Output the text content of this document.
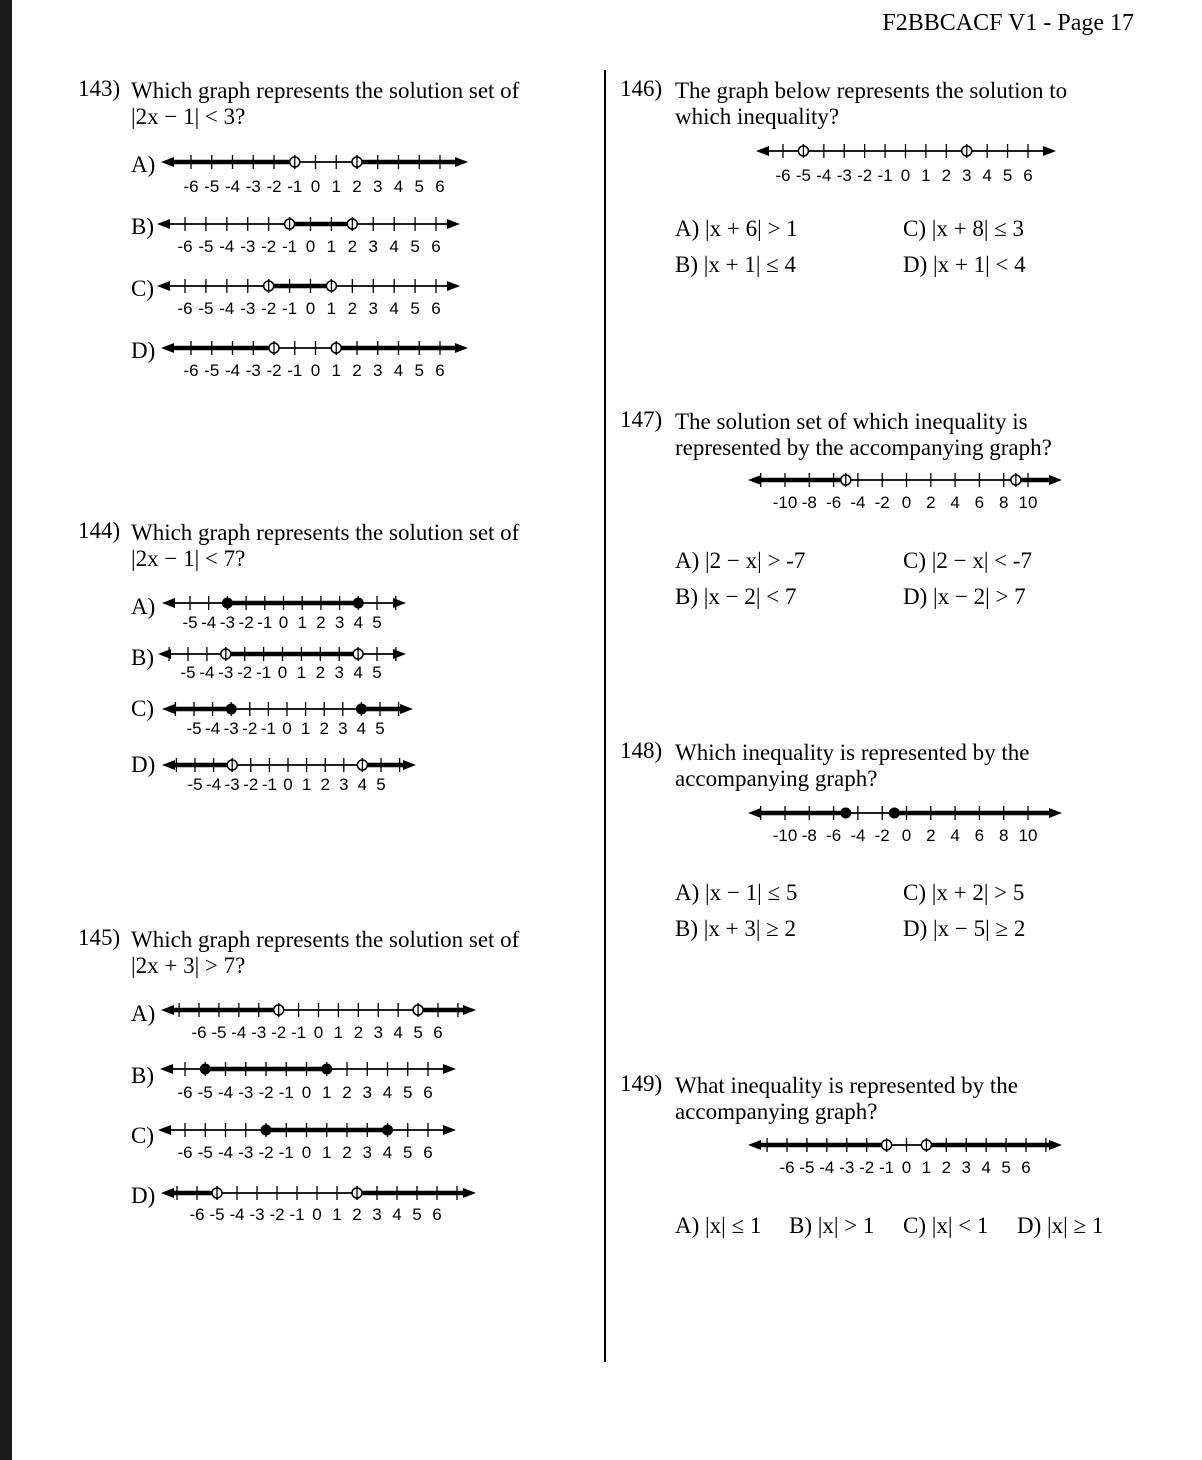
F2BBCACF V1 - Page 17
143) Which graph represents the solution set of
|2x − 1| < 3?
A)
B)
C)
D)
-6 -5 -4 -3 -2 -1 0 1 2 3 4 5 6
-6 -5 -4 -3 -2 -1 0 1 2 3 4 5 6
-6 -5 -4 -3 -2 -1 0 1 2 3 4 5 6
-6 -5 -4 -3 -2 -1 0 1 2 3 4 5 6
144) Which graph represents the solution set of
|2x − 1| < 7?
A)
B)
C)
D)
-5 -4 -3 -2 -1 0 1 2 3 4 5
-5 -4 -3 -2 -1 0 1 2 3 4 5
-5 -4 -3 -2 -1 0 1 2 3 4 5
-5 -4 -3 -2 -1 0 1 2 3 4 5
145) Which graph represents the solution set of
|2x + 3| > 7?
A)
B)
C)
D)
-6 -5 -4 -3 -2 -1 0 1 2 3 4 5 6
-6 -5 -4 -3 -2 -1 0 1 2 3 4 5 6
-6 -5 -4 -3 -2 -1 0 1 2 3 4 5 6
-6 -5 -4 -3 -2 -1 0 1 2 3 4 5 6
146) The graph below represents the solution to
which inequality?
-6 -5 -4 -3 -2 -1 0 1 2 3 4 5 6
A) |x + 6| > 1
B) |x + 1| ≤ 4
C) |x + 8| ≤ 3
D) |x + 1| < 4
147) The solution set of which inequality is
represented by the accompanying graph?
-10 -8 -6 -4 -2 0 2 4 6 8 10
A) |2 − x| > -7
B) |x − 2| < 7
C) |2 − x| < -7
D) |x − 2| > 7
148) Which inequality is represented by the
accompanying graph?
-10 -8 -6 -4 -2 0 2 4 6 8 10
A) |x − 1| ≤ 5
B) |x + 3| ≥ 2
C) |x + 2| > 5
D) |x − 5| ≥ 2
149) What inequality is represented by the
accompanying graph?
-6 -5 -4 -3 -2 -1 0 1 2 3 4 5 6
A) |x| ≤ 1 B) |x| > 1 C) |x| < 1 D) |x| ≥ 1
